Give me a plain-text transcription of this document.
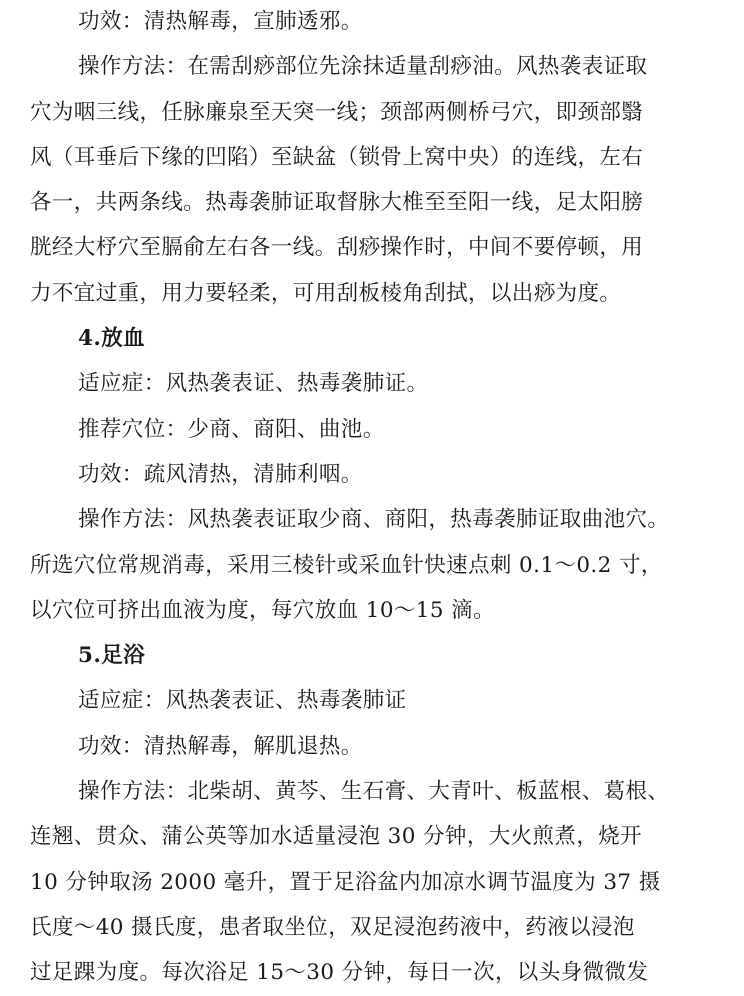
功效：清热解毒，宣肺透邪。
操作方法：在需刮痧部位先涂抹适量刮痧油。风热袭表证取
穴为咽三线，任脉廉泉至天突一线；颈部两侧桥弓穴，即颈部翳
风（耳垂后下缘的凹陷）至缺盆（锁骨上窝中央）的连线，左右
各一，共两条线。热毒袭肺证取督脉大椎至至阳一线，足太阳膀
胱经大杼穴至膈俞左右各一线。刮痧操作时，中间不要停顿，用
力不宜过重，用力要轻柔，可用刮板棱角刮拭，以出痧为度。
4.放血
适应症：风热袭表证、热毒袭肺证。
推荐穴位：少商、商阳、曲池。
功效：疏风清热，清肺利咽。
操作方法：风热袭表证取少商、商阳，热毒袭肺证取曲池穴。
所选穴位常规消毒，采用三棱针或采血针快速点刺 0.1～0.2 寸，
以穴位可挤出血液为度，每穴放血 10～15 滴。
5.足浴
适应症：风热袭表证、热毒袭肺证
功效：清热解毒，解肌退热。
操作方法：北柴胡、黄芩、生石膏、大青叶、板蓝根、葛根、
连翘、贯众、蒲公英等加水适量浸泡 30 分钟，大火煎煮，烧开
10 分钟取汤 2000 毫升，置于足浴盆内加凉水调节温度为 37 摄
氏度～40 摄氏度，患者取坐位，双足浸泡药液中，药液以浸泡
过足踝为度。每次浴足 15～30 分钟，每日一次，以头身微微发
